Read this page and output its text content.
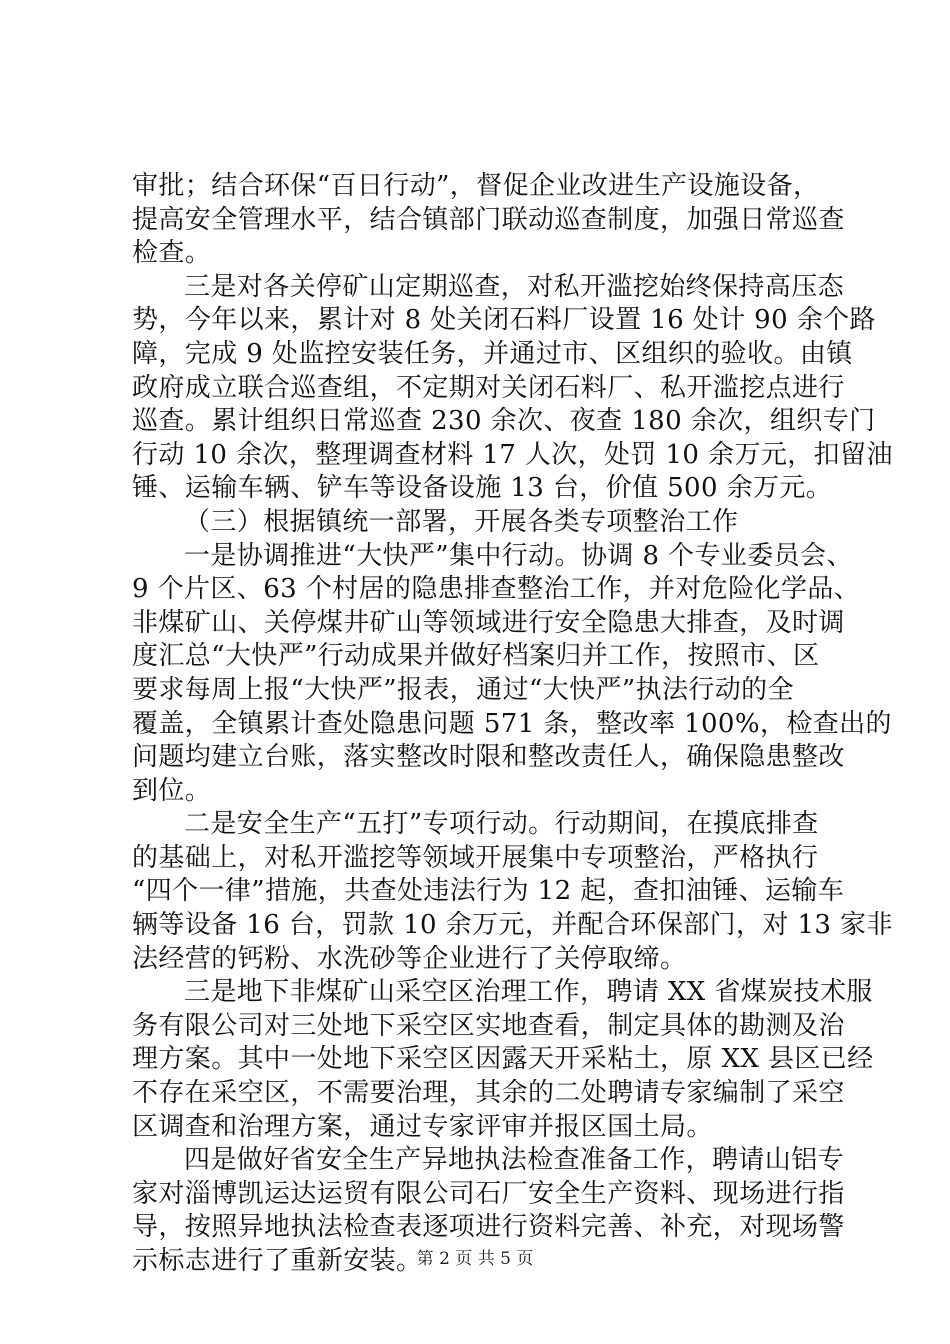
审批；结合环保“百日行动”，督促企业改进生产设施设备，
提高安全管理水平，结合镇部门联动巡查制度，加强日常巡查
检查。
三是对各关停矿山定期巡查，对私开滥挖始终保持高压态
势，今年以来，累计对 8 处关闭石料厂设置 16 处计 90 余个路
障，完成 9 处监控安装任务，并通过市、区组织的验收。由镇
政府成立联合巡查组，不定期对关闭石料厂、私开滥挖点进行
巡查。累计组织日常巡查 230 余次、夜查 180 余次，组织专门
行动 10 余次，整理调查材料 17 人次，处罚 10 余万元，扣留油
锤、运输车辆、铲车等设备设施 13 台，价值 500 余万元。
（三）根据镇统一部署，开展各类专项整治工作
一是协调推进“大快严”集中行动。协调 8 个专业委员会、
9 个片区、63 个村居的隐患排查整治工作，并对危险化学品、
非煤矿山、关停煤井矿山等领域进行安全隐患大排查，及时调
度汇总“大快严”行动成果并做好档案归并工作，按照市、区
要求每周上报“大快严”报表，通过“大快严”执法行动的全
覆盖，全镇累计查处隐患问题 571 条，整改率 100%，检查出的
问题均建立台账，落实整改时限和整改责任人，确保隐患整改
到位。
二是安全生产“五打”专项行动。行动期间，在摸底排查
的基础上，对私开滥挖等领域开展集中专项整治，严格执行
“四个一律”措施，共查处违法行为 12 起，查扣油锤、运输车
辆等设备 16 台，罚款 10 余万元，并配合环保部门，对 13 家非
法经营的钙粉、水洗砂等企业进行了关停取缔。
三是地下非煤矿山采空区治理工作，聘请 XX 省煤炭技术服
务有限公司对三处地下采空区实地查看，制定具体的勘测及治
理方案。其中一处地下采空区因露天开采粘土，原 XX 县区已经
不存在采空区，不需要治理，其余的二处聘请专家编制了采空
区调查和治理方案，通过专家评审并报区国土局。
四是做好省安全生产异地执法检查准备工作，聘请山铝专
家对淄博凯运达运贸有限公司石厂安全生产资料、现场进行指
导，按照异地执法检查表逐项进行资料完善、补充，对现场警
示标志进行了重新安装。
第 2 页 共 5 页
